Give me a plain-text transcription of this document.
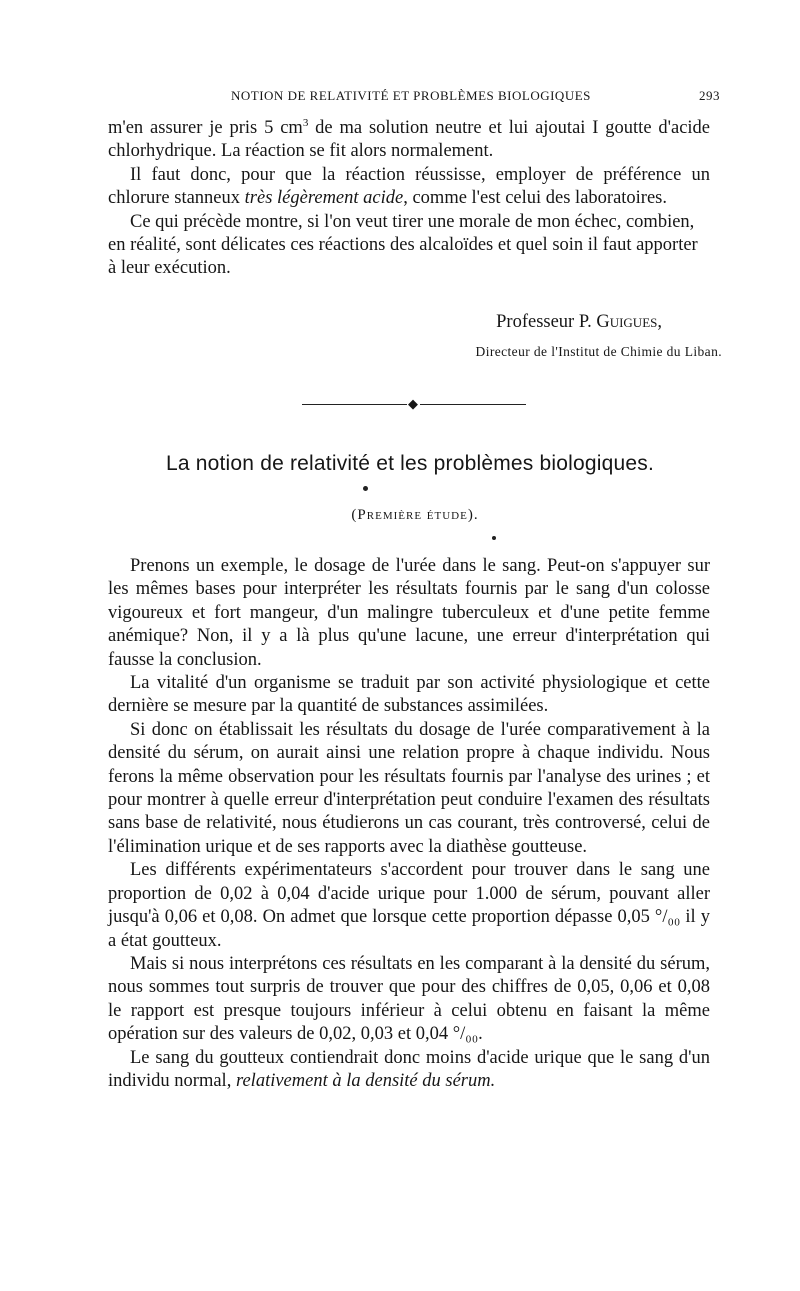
NOTION DE RELATIVITÉ ET PROBLÈMES BIOLOGIQUES	293

m'en assurer je pris 5 $cm^3$ de ma solution neutre et lui ajoutai I goutte d'acide chlorhydrique. La réaction se fit alors normalement.

Il faut donc, pour que la réaction réussisse, employer de préférence un chlorure stanneux très légèrement acide, comme l'est celui des laboratoires.

Ce qui précède montre, si l'on veut tirer une morale de mon échec, combien, en réalité, sont délicates ces réactions des alcaloïdes et quel soin il faut apporter à leur exécution.

Professeur P. Guigues,
Directeur de l'Institut de Chimie du Liban.
◆
La notion de relativité et les problèmes biologiques.
(Première étude).

Prenons un exemple, le dosage de l'urée dans le sang. Peut-on s'appuyer sur les mêmes bases pour interpréter les résultats fournis par le sang d'un colosse vigoureux et fort mangeur, d'un malingre tuberculeux et d'une petite femme anémique? Non, il y a là plus qu'une lacune, une erreur d'interprétation qui fausse la conclusion.

La vitalité d'un organisme se traduit par son activité physiologique et cette dernière se mesure par la quantité de substances assimilées.

Si donc on établissait les résultats du dosage de l'urée comparativement à la densité du sérum, on aurait ainsi une relation propre à chaque individu. Nous ferons la même observation pour les résultats fournis par l'analyse des urines ; et pour montrer à quelle erreur d'interprétation peut conduire l'examen des résultats sans base de relativité, nous étudierons un cas courant, très controversé, celui de l'élimination urique et de ses rapports avec la diathèse goutteuse.

Les différents expérimentateurs s'accordent pour trouver dans le sang une proportion de 0,02 à 0,04 d'acide urique pour 1.000 de sérum, pouvant aller jusqu'à 0,06 et 0,08. On admet que lorsque cette proportion dépasse 0,05 °/₀₀ il y a état goutteux.

Mais si nous interprétons ces résultats en les comparant à la densité du sérum, nous sommes tout surpris de trouver que pour des chiffres de 0,05, 0,06 et 0,08 le rapport est presque toujours inférieur à celui obtenu en faisant la même opération sur des valeurs de 0,02, 0,03 et 0,04 °/₀₀.

Le sang du goutteux contiendrait donc moins d'acide urique que le sang d'un individu normal, relativement à la densité du sérum.
